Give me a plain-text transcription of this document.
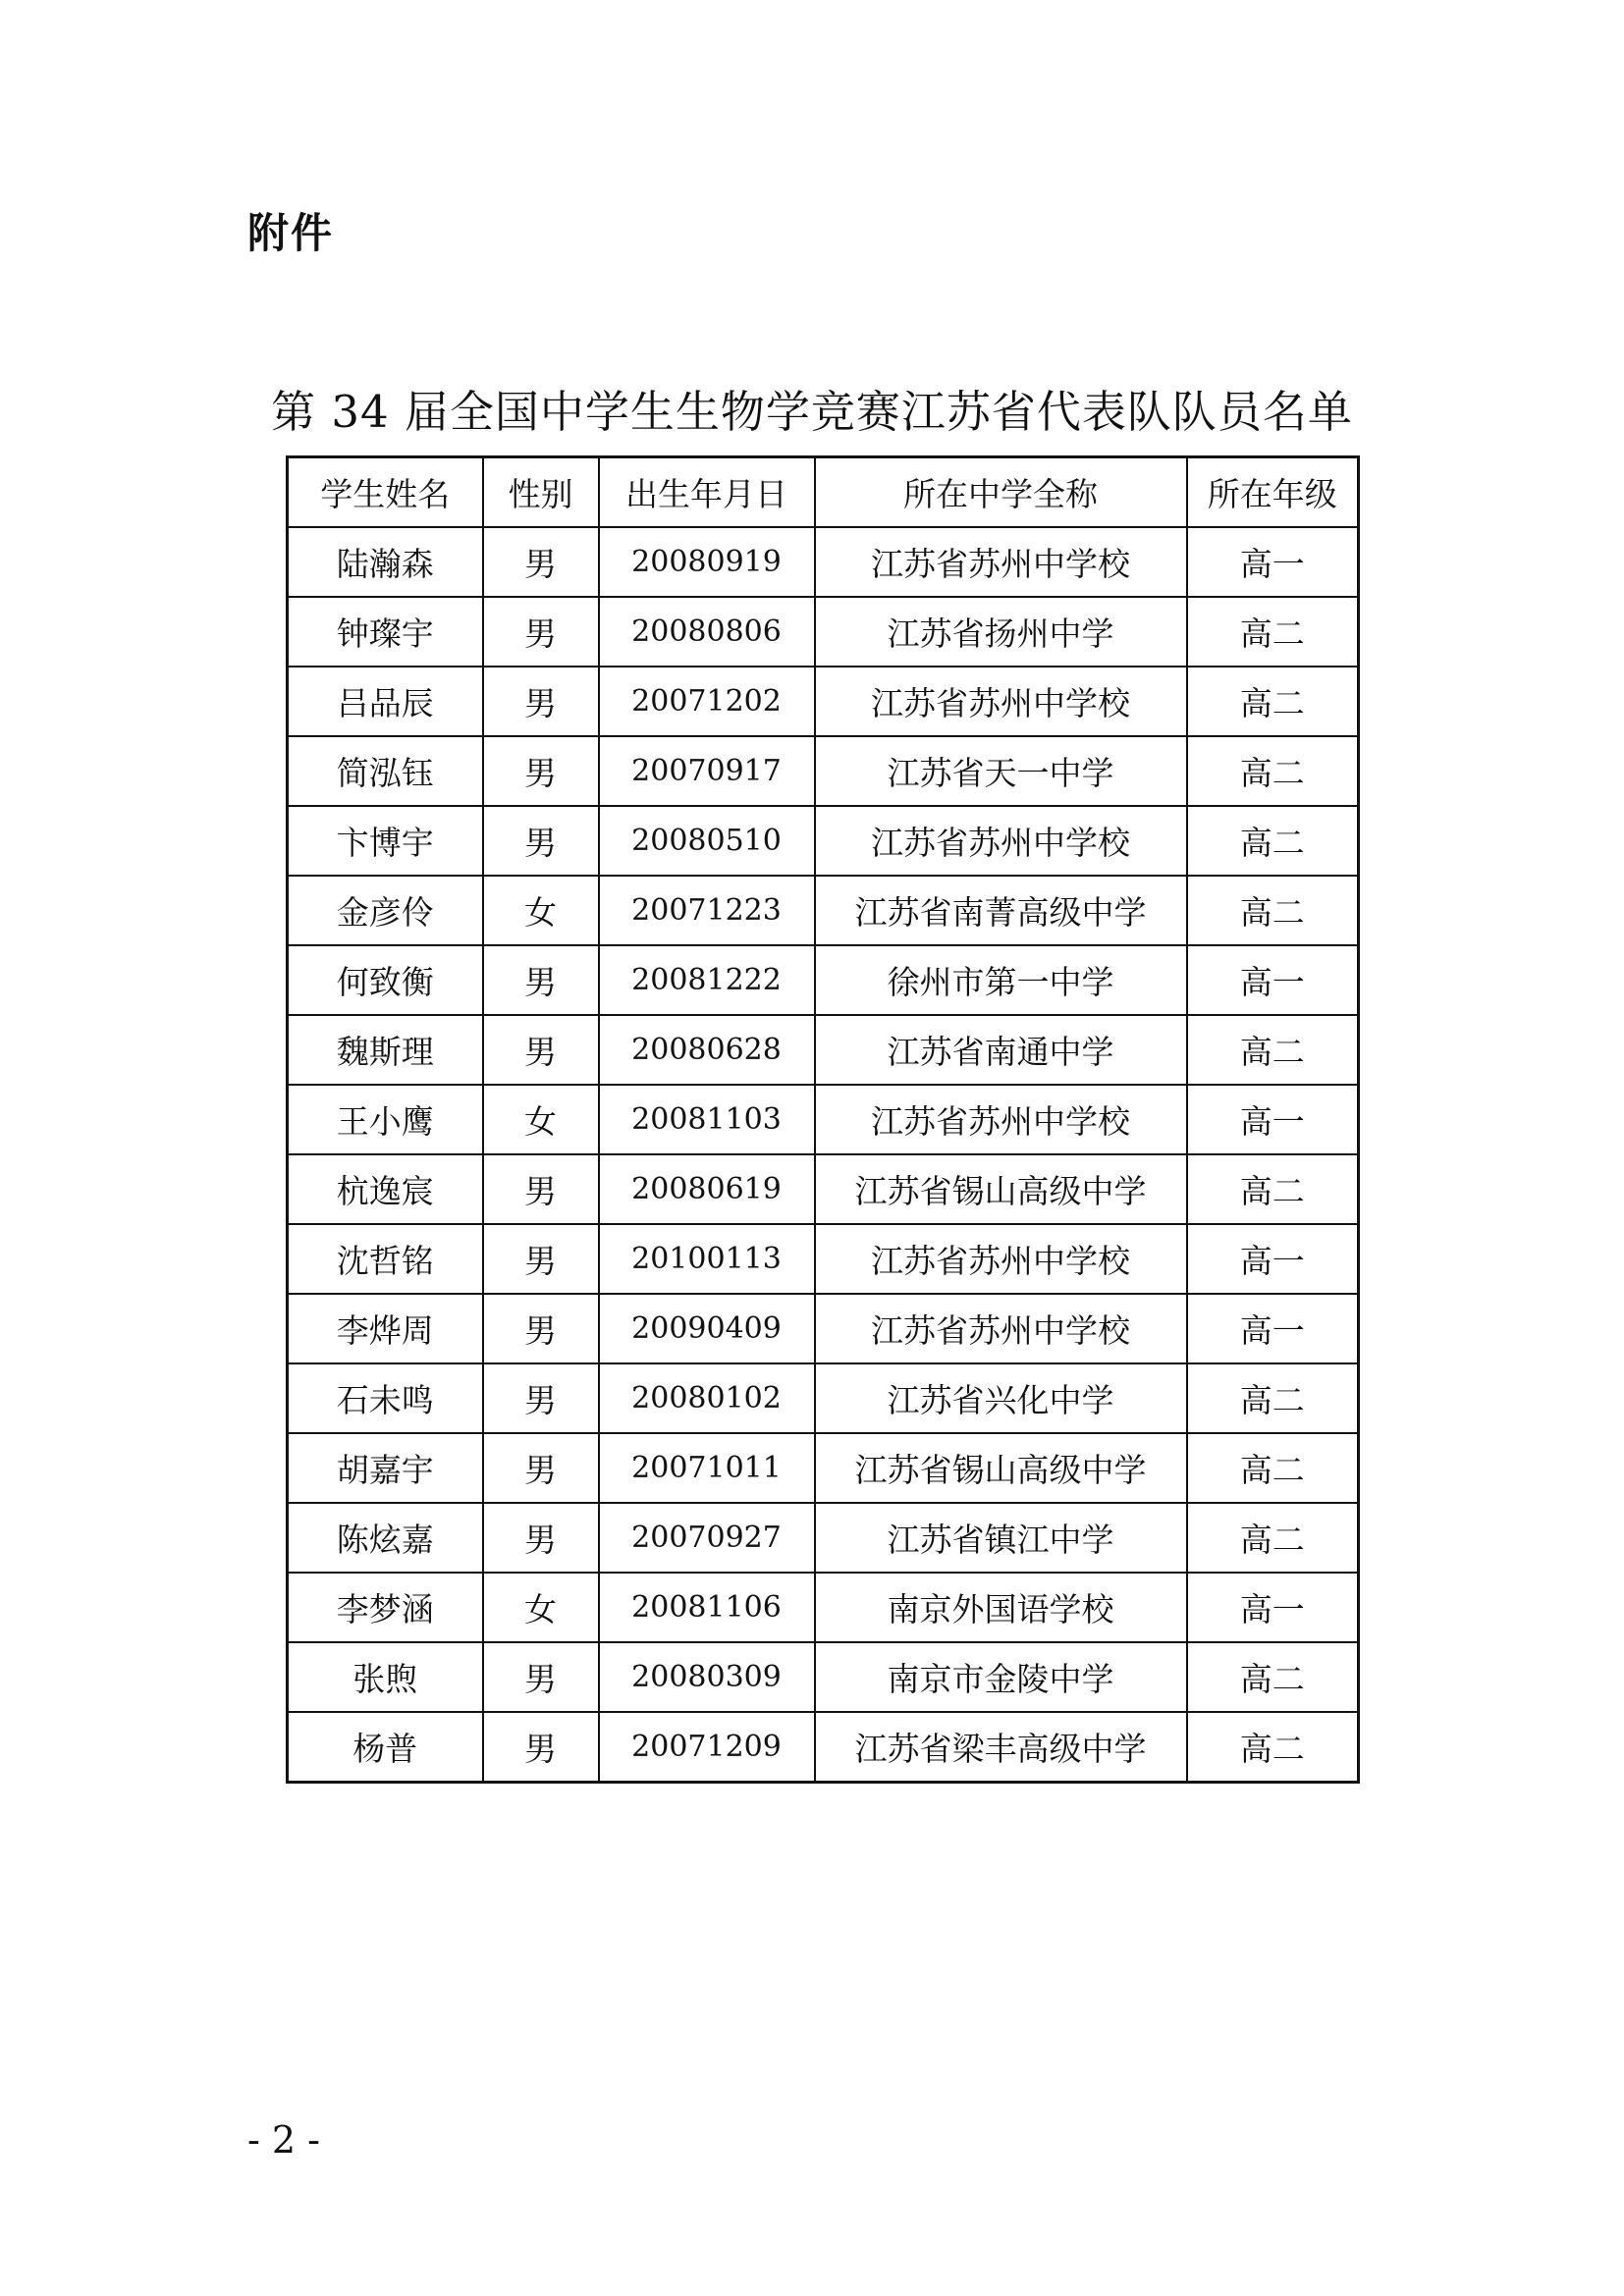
附件
第 34 届全国中学生生物学竞赛江苏省代表队队员名单
学生姓名	性别	出生年月日	所在中学全称	所在年级
陆瀚森	男	20080919	江苏省苏州中学校	高一
钟璨宇	男	20080806	江苏省扬州中学	高二
吕品辰	男	20071202	江苏省苏州中学校	高二
简泓钰	男	20070917	江苏省天一中学	高二
卞博宇	男	20080510	江苏省苏州中学校	高二
金彦伶	女	20071223	江苏省南菁高级中学	高二
何致衡	男	20081222	徐州市第一中学	高一
魏斯理	男	20080628	江苏省南通中学	高二
王小鹰	女	20081103	江苏省苏州中学校	高一
杭逸宸	男	20080619	江苏省锡山高级中学	高二
沈哲铭	男	20100113	江苏省苏州中学校	高一
李烨周	男	20090409	江苏省苏州中学校	高一
石未鸣	男	20080102	江苏省兴化中学	高二
胡嘉宇	男	20071011	江苏省锡山高级中学	高二
陈炫嘉	男	20070927	江苏省镇江中学	高二
李梦涵	女	20081106	南京外国语学校	高一
张煦	男	20080309	南京市金陵中学	高二
杨普	男	20071209	江苏省梁丰高级中学	高二
- 2 -
